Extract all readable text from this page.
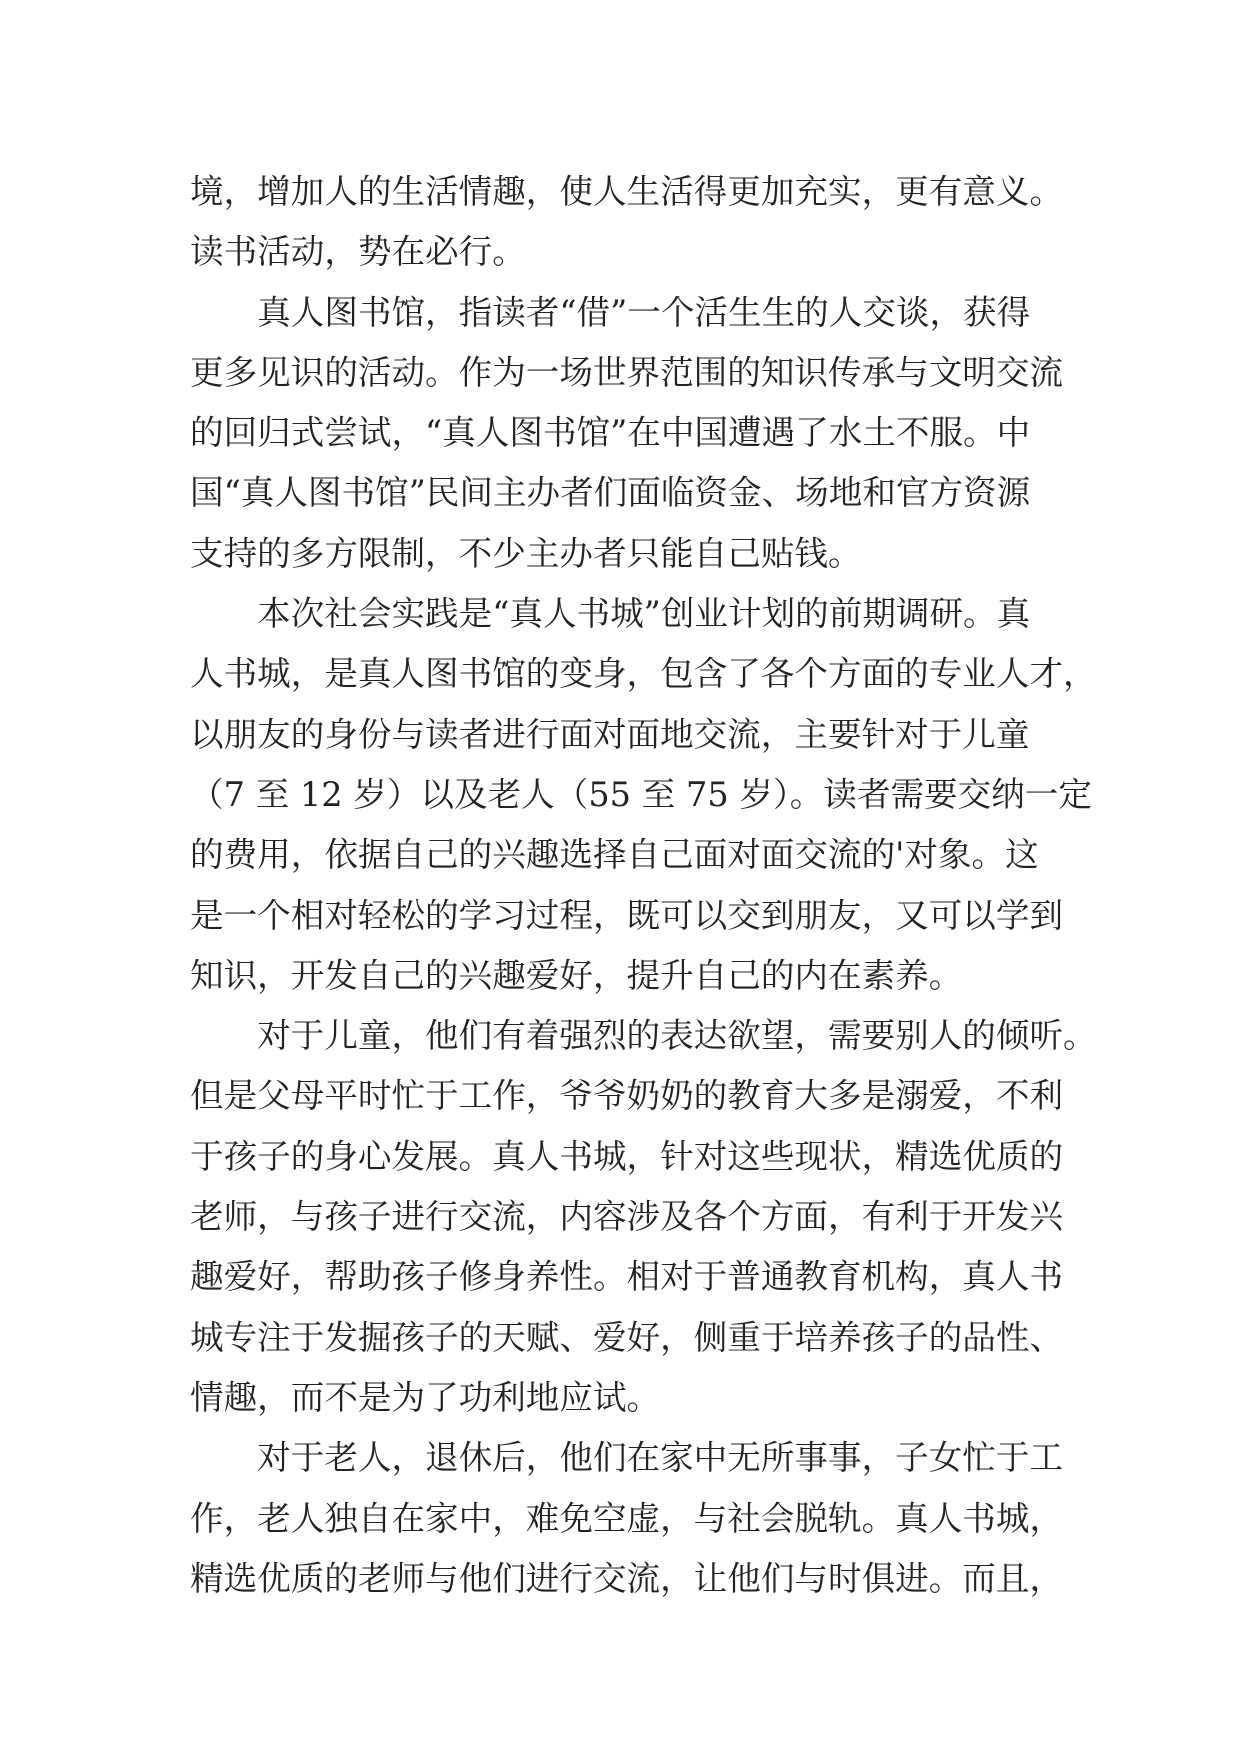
境，增加人的生活情趣，使人生活得更加充实，更有意义。
读书活动，势在必行。

　　真人图书馆，指读者“借”一个活生生的人交谈，获得
更多见识的活动。作为一场世界范围的知识传承与文明交流
的回归式尝试，“真人图书馆”在中国遭遇了水土不服。中
国“真人图书馆”民间主办者们面临资金、场地和官方资源
支持的多方限制，不少主办者只能自己贴钱。

　　本次社会实践是“真人书城”创业计划的前期调研。真
人书城，是真人图书馆的变身，包含了各个方面的专业人才，
以朋友的身份与读者进行面对面地交流，主要针对于儿童
（7 至 12 岁）以及老人（55 至 75 岁）。读者需要交纳一定
的费用，依据自己的兴趣选择自己面对面交流的'对象。这
是一个相对轻松的学习过程，既可以交到朋友，又可以学到
知识，开发自己的兴趣爱好，提升自己的内在素养。

　　对于儿童，他们有着强烈的表达欲望，需要别人的倾听。
但是父母平时忙于工作，爷爷奶奶的教育大多是溺爱，不利
于孩子的身心发展。真人书城，针对这些现状，精选优质的
老师，与孩子进行交流，内容涉及各个方面，有利于开发兴
趣爱好，帮助孩子修身养性。相对于普通教育机构，真人书
城专注于发掘孩子的天赋、爱好，侧重于培养孩子的品性、
情趣，而不是为了功利地应试。

　　对于老人，退休后，他们在家中无所事事，子女忙于工
作，老人独自在家中，难免空虚，与社会脱轨。真人书城，
精选优质的老师与他们进行交流，让他们与时俱进。而且，
